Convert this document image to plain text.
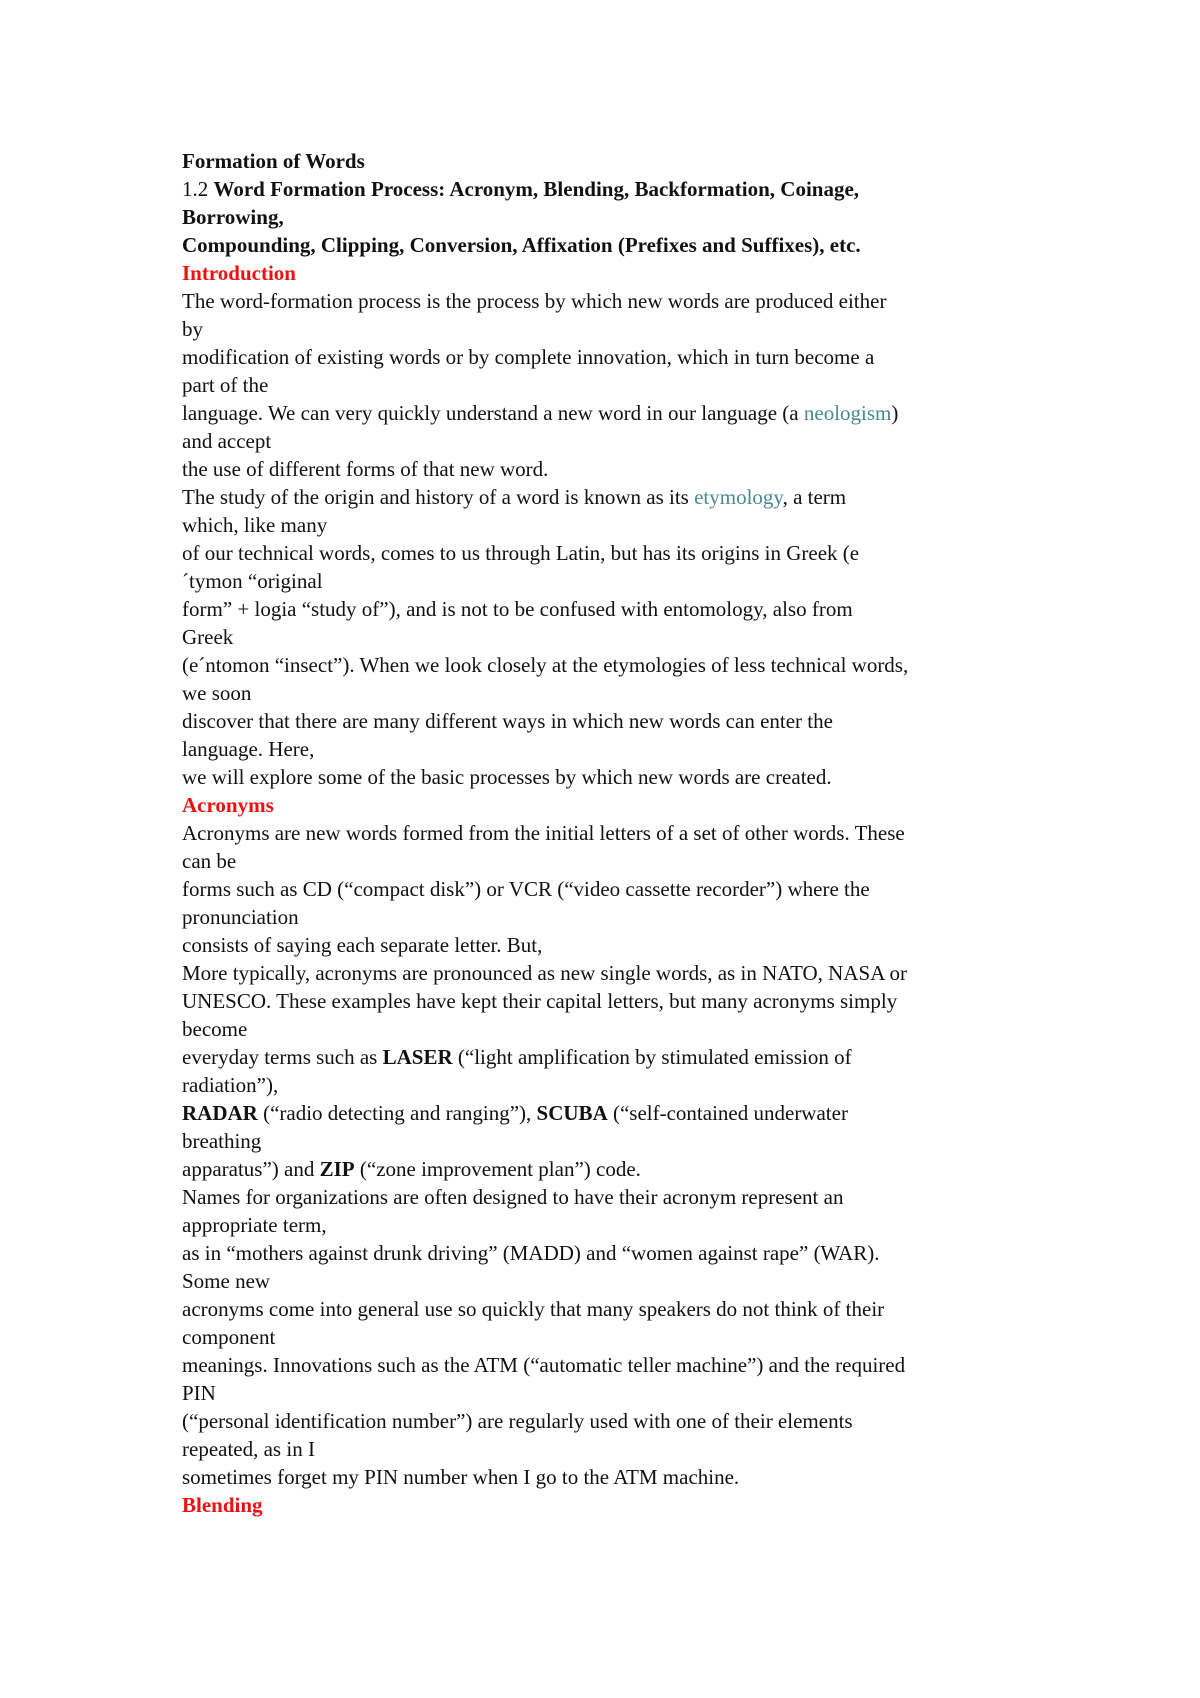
Formation of Words
1.2 Word Formation Process: Acronym, Blending, Backformation, Coinage,
Borrowing,
Compounding, Clipping, Conversion, Affixation (Prefixes and Suffixes), etc.
Introduction
The word-formation process is the process by which new words are produced either
by
modification of existing words or by complete innovation, which in turn become a
part of the
language. We can very quickly understand a new word in our language (a neologism)
and accept
the use of different forms of that new word.
The study of the origin and history of a word is known as its etymology, a term
which, like many
of our technical words, comes to us through Latin, but has its origins in Greek (e
´tymon “original
form” + logia “study of”), and is not to be confused with entomology, also from
Greek
(e´ntomon “insect”). When we look closely at the etymologies of less technical words,
we soon
discover that there are many different ways in which new words can enter the
language. Here,
we will explore some of the basic processes by which new words are created.
Acronyms
Acronyms are new words formed from the initial letters of a set of other words. These
can be
forms such as CD (“compact disk”) or VCR (“video cassette recorder”) where the
pronunciation
consists of saying each separate letter. But,
More typically, acronyms are pronounced as new single words, as in NATO, NASA or
UNESCO. These examples have kept their capital letters, but many acronyms simply
become
everyday terms such as LASER (“light amplification by stimulated emission of
radiation”),
RADAR (“radio detecting and ranging”), SCUBA (“self-contained underwater
breathing
apparatus”) and ZIP (“zone improvement plan”) code.
Names for organizations are often designed to have their acronym represent an
appropriate term,
as in “mothers against drunk driving” (MADD) and “women against rape” (WAR).
Some new
acronyms come into general use so quickly that many speakers do not think of their
component
meanings. Innovations such as the ATM (“automatic teller machine”) and the required
PIN
(“personal identification number”) are regularly used with one of their elements
repeated, as in I
sometimes forget my PIN number when I go to the ATM machine.
Blending
